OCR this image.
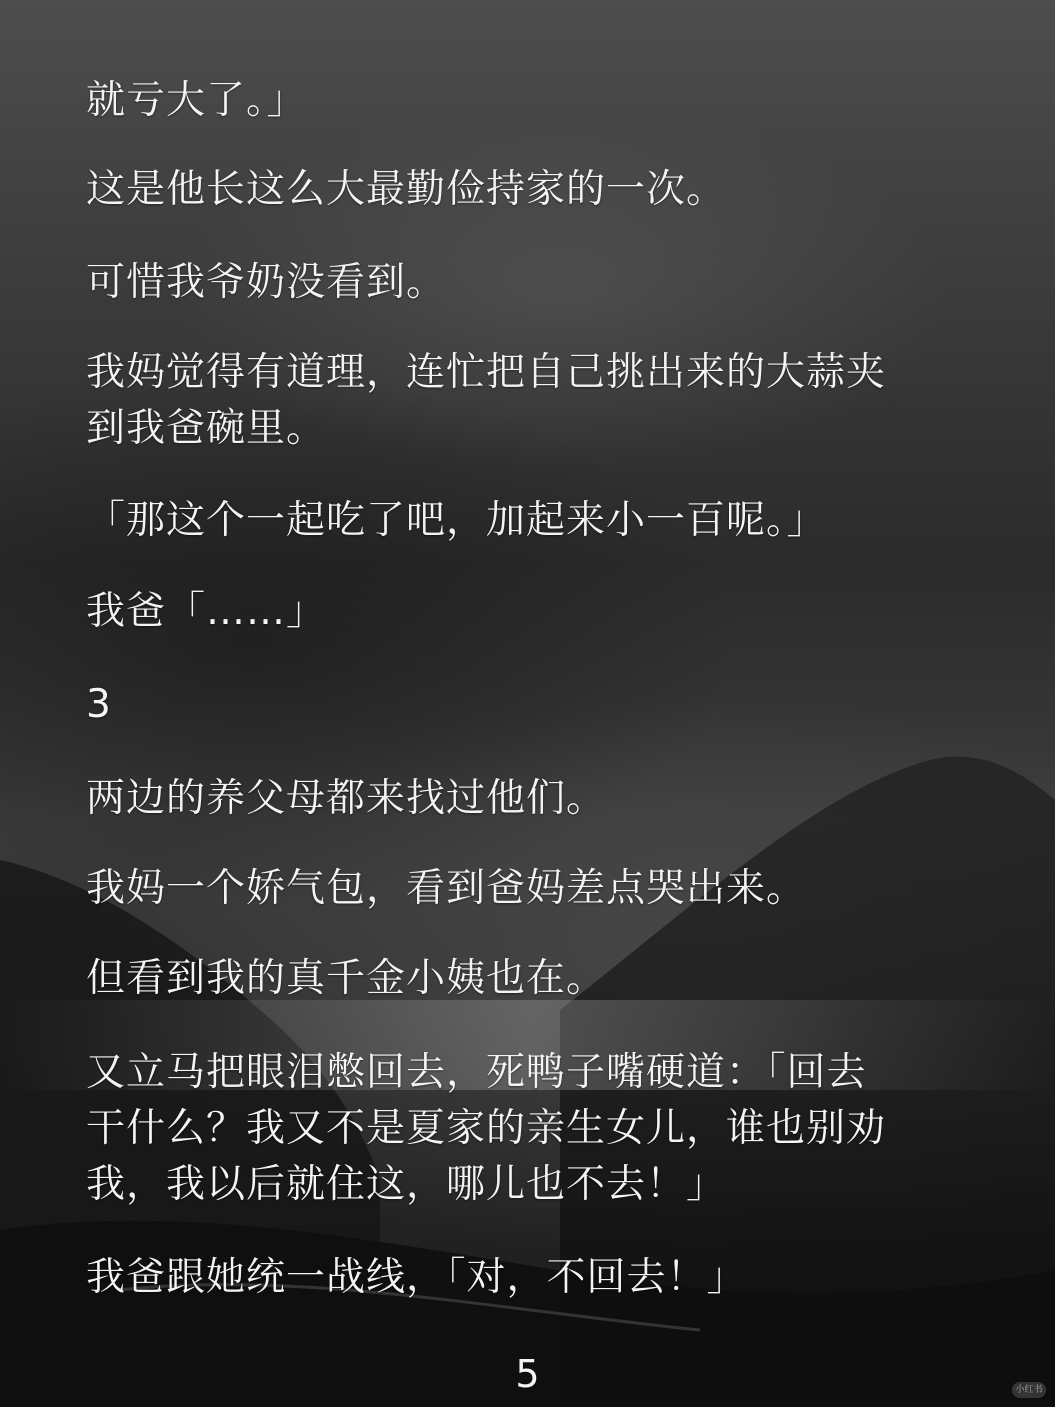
就亏大了。」

这是他长这么大最勤俭持家的一次。

可惜我爷奶没看到。

我妈觉得有道理，连忙把自己挑出来的大蒜夹
到我爸碗里。

「那这个一起吃了吧，加起来小一百呢。」

我爸「……」

3

两边的养父母都来找过他们。

我妈一个娇气包，看到爸妈差点哭出来。

但看到我的真千金小姨也在。

又立马把眼泪憋回去，死鸭子嘴硬道：「回去
干什么？我又不是夏家的亲生女儿，谁也别劝
我，我以后就住这，哪儿也不去！」

我爸跟她统一战线，「对，不回去！」

5	小红书
